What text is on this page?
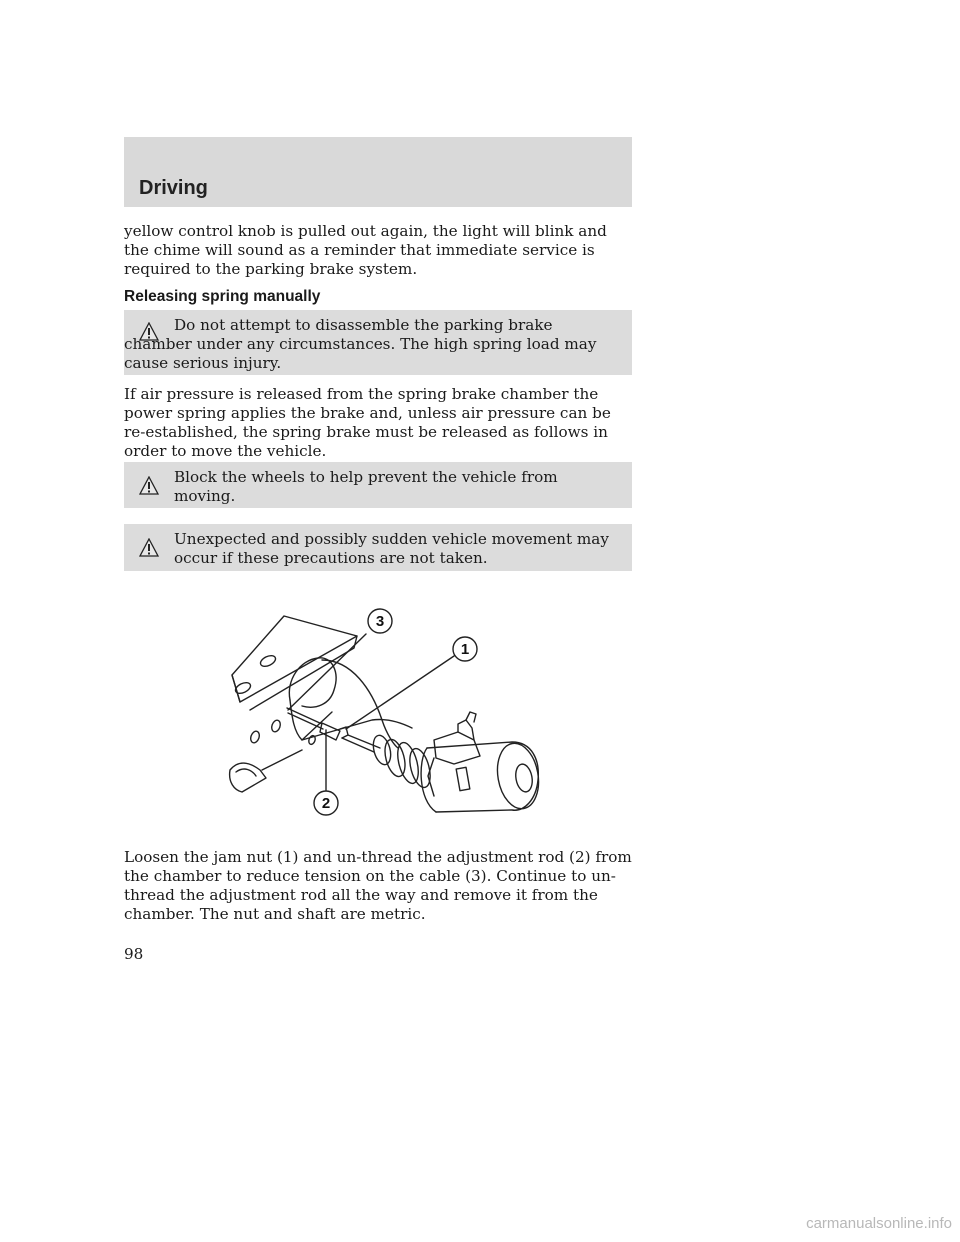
Driving
yellow control knob is pulled out again, the light will blink and the chime will sound as a reminder that immediate service is required to the parking brake system.
Releasing spring manually
Do not attempt to disassemble the parking brake chamber under any circumstances. The high spring load may cause serious injury.
If air pressure is released from the spring brake chamber the power spring applies the brake and, unless air pressure can be re-established, the spring brake must be released as follows in order to move the vehicle.
Block the wheels to help prevent the vehicle from moving.
Unexpected and possibly sudden vehicle movement may occur if these precautions are not taken.
3
1
2
Loosen the jam nut (1) and un-thread the adjustment rod (2) from the chamber to reduce tension on the cable (3). Continue to un-thread the adjustment rod all the way and remove it from the chamber. The nut and shaft are metric.
98
carmanualsonline.info
